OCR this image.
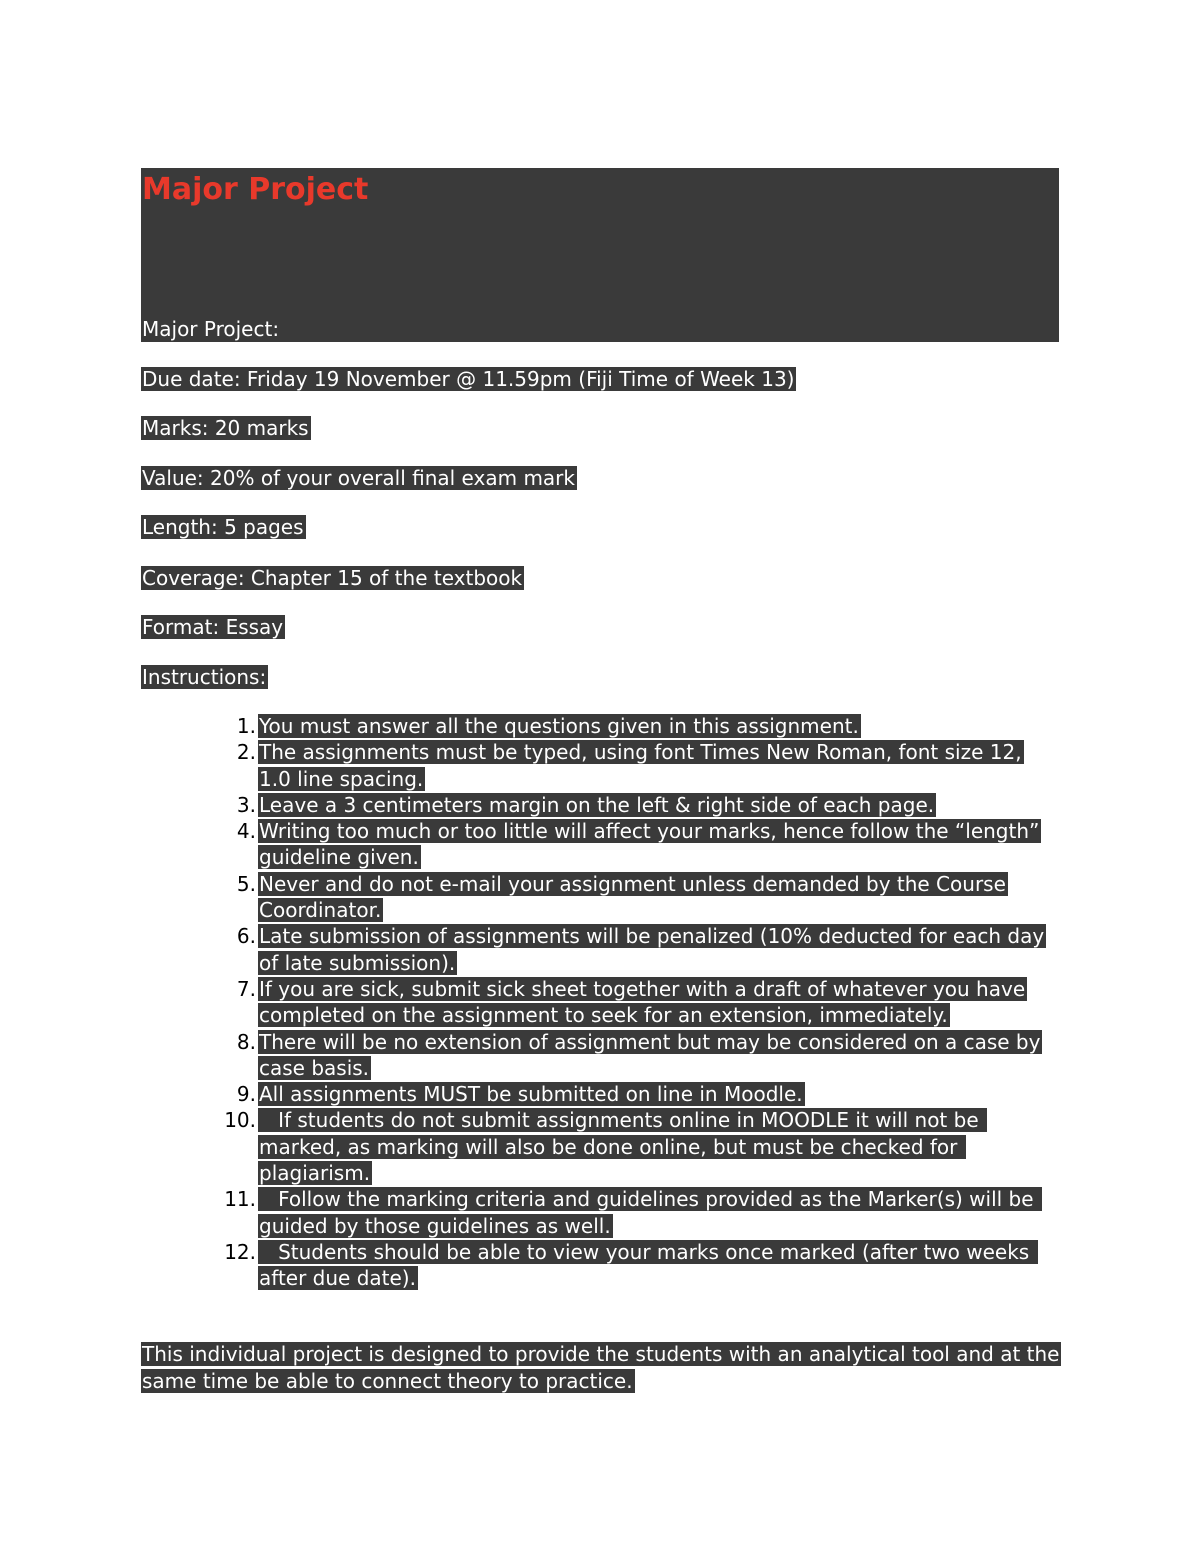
Major Project
Major Project:
Due date: Friday 19 November @ 11.59pm (Fiji Time of Week 13)
Marks: 20 marks
Value: 20% of your overall final exam mark
Length: 5 pages
Coverage: Chapter 15 of the textbook
Format: Essay
Instructions:
1. You must answer all the questions given in this assignment.
2. The assignments must be typed, using font Times New Roman, font size 12, 1.0 line spacing.
3. Leave a 3 centimeters margin on the left & right side of each page.
4. Writing too much or too little will affect your marks, hence follow the “length” guideline given.
5. Never and do not e-mail your assignment unless demanded by the Course Coordinator.
6. Late submission of assignments will be penalized (10% deducted for each day of late submission).
7. If you are sick, submit sick sheet together with a draft of whatever you have completed on the assignment to seek for an extension, immediately.
8. There will be no extension of assignment but may be considered on a case by case basis.
9. All assignments MUST be submitted on line in Moodle.
10. If students do not submit assignments online in MOODLE it will not be marked, as marking will also be done online, but must be checked for plagiarism.
11. Follow the marking criteria and guidelines provided as the Marker(s) will be guided by those guidelines as well.
12. Students should be able to view your marks once marked (after two weeks after due date).
This individual project is designed to provide the students with an analytical tool and at the same time be able to connect theory to practice.
